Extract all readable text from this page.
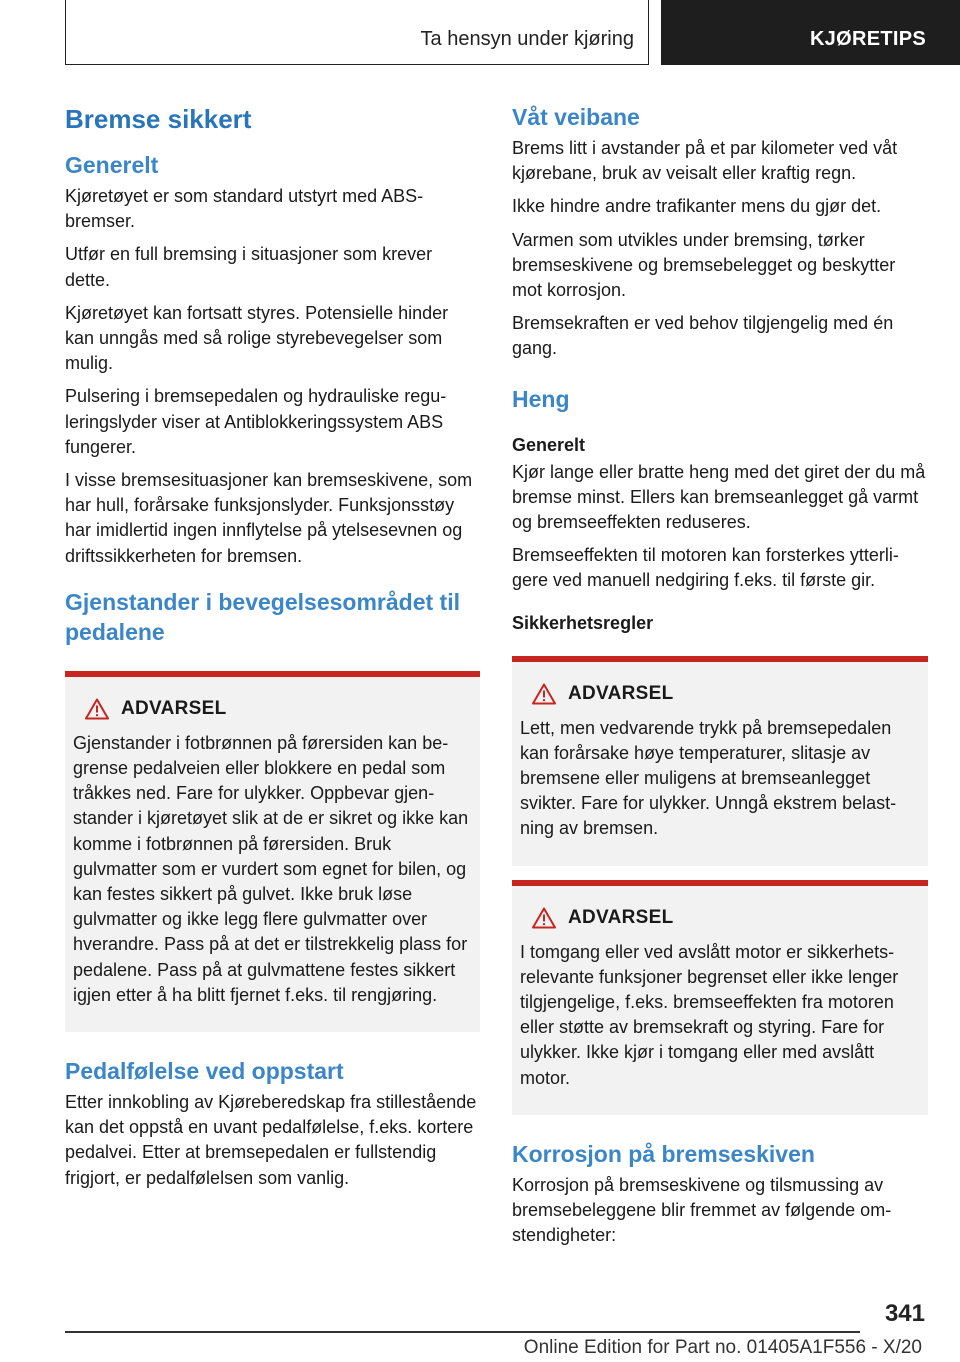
Ta hensyn under kjøring	KJØRETIPS
Bremse sikkert
Generelt

Kjøretøyet er som standard utstyrt med ABS-bremser.

Utfør en full bremsing i situasjoner som krever dette.

Kjøretøyet kan fortsatt styres. Potensielle hinder kan unngås med så rolige styrebevegelser som mulig.

Pulsering i bremsepedalen og hydrauliske reguleringslyder viser at Antiblokkeringssystem ABS fungerer.

I visse bremsesituasjoner kan bremseskivene, som har hull, forårsake funksjonslyder. Funksjonsstøy har imidlertid ingen innflytelse på ytelsesevnen og driftssikkerheten for bremsen.

Gjenstander i bevegelsesområdet til pedalene
ADVARSEL

Gjenstander i fotbrønnen på førersiden kan begrense pedalveien eller blokkere en pedal som tråkkes ned. Fare for ulykker. Oppbevar gjenstander i kjøretøyet slik at de er sikret og ikke kan komme i fotbrønnen på førersiden. Bruk gulvmatter som er vurdert som egnet for bilen, og kan festes sikkert på gulvet. Ikke bruk løse gulvmatter og ikke legg flere gulvmatter over hverandre. Pass på at det er tilstrekkelig plass for pedalene. Pass på at gulvmattene festes sikkert igjen etter å ha blitt fjernet f.eks. til rengjøring.

Pedalfølelse ved oppstart

Etter innkobling av Kjøreberedskap fra stillestående kan det oppstå en uvant pedalfølelse, f.eks. kortere pedalvei. Etter at bremsepedalen er fullstendig frigjort, er pedalfølelsen som vanlig.

Våt veibane

Brems litt i avstander på et par kilometer ved våt kjørebane, bruk av veisalt eller kraftig regn.

Ikke hindre andre trafikanter mens du gjør det.

Varmen som utvikles under bremsing, tørker bremseskivene og bremsebelegget og beskytter mot korrosjon.

Bremsekraften er ved behov tilgjengelig med én gang.

Heng
Generelt

Kjør lange eller bratte heng med det giret der du må bremse minst. Ellers kan bremseanlegget gå varmt og bremseeffekten reduseres.

Bremseeffekten til motoren kan forsterkes ytterligere ved manuell nedgiring f.eks. til første gir.

Sikkerhetsregler
ADVARSEL

Lett, men vedvarende trykk på bremsepedalen kan forårsake høye temperaturer, slitasje av bremsene eller muligens at bremseanlegget svikter. Fare for ulykker. Unngå ekstrem belastning av bremsen.

ADVARSEL

I tomgang eller ved avslått motor er sikkerhetsrelevante funksjoner begrenset eller ikke lenger tilgjengelige, f.eks. bremseeffekten fra motoren eller støtte av bremsekraft og styring. Fare for ulykker. Ikke kjør i tomgang eller med avslått motor.

Korrosjon på bremseskiven

Korrosjon på bremseskivene og tilsmussing av bremsebeleggene blir fremmet av følgende omstendigheter:

341
Online Edition for Part no. 01405A1F556 - X/20
